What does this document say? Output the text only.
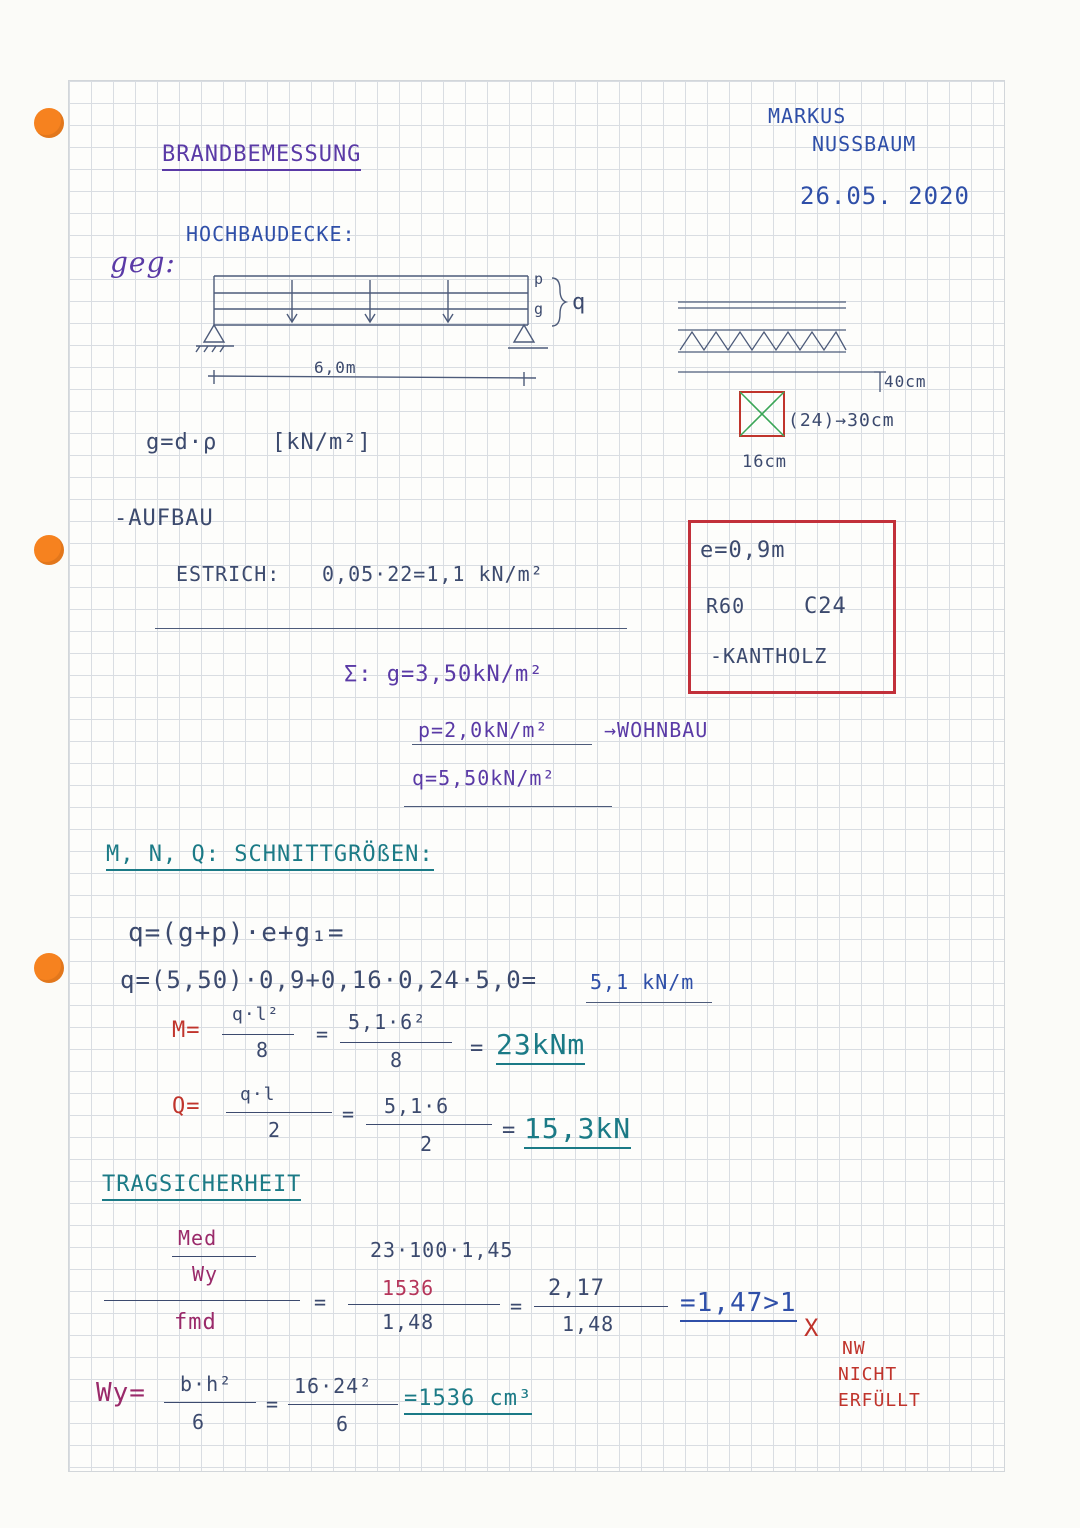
MARKUS
NUSSBAUM
26.05. 2020
BRANDBEMESSUNG
geg:
HOCHBAUDECKE:
6,0m
p
g q
40cm
(24)→30cm
16cm
g=d·ρ [kN/m²]
-AUFBAU
ESTRICH: 0,05·22=1,1 kN/m²
e=0,9m
R60	C24
-KANTHOLZ
Σ: g=3,50kN/m²
p=2,0kN/m²	→WOHNBAU
q=5,50kN/m²
M, N, Q: SCHNITTGRÖßEN:
q=(g+p)·e+g₁=
q=(5,50)·0,9+0,16·0,24·5,0=	5,1 kN/m
M=
q·l²
8
= 5,1·6²
8	= 23kNm
Q= q·l
2
= 5,1·6
2
= 15,3kN
TRAGSICHERHEIT
Med
Wy
fmd
=
23·100·1,45
1536
1,48
=
2,17
1,48
=1,47>1
X
NW
NICHT
ERFÜLLT
Wy= b·h²
6
=
16·24²
6
=1536 cm³
